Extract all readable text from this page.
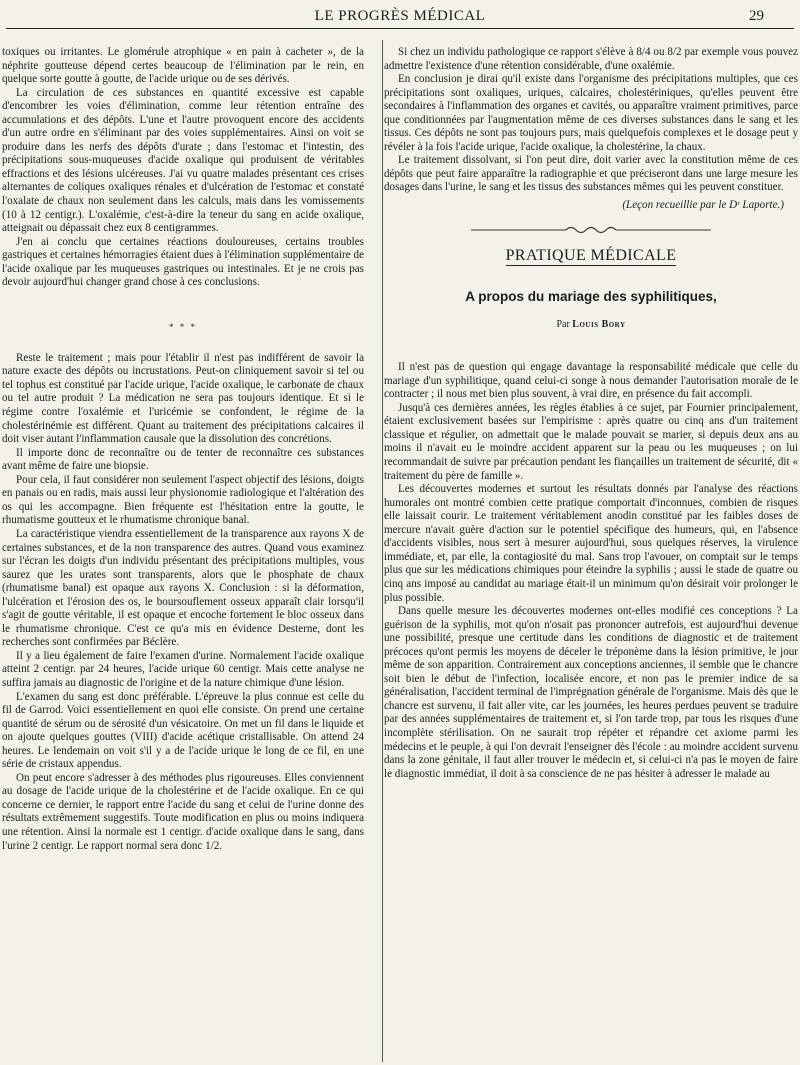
LE PROGRÈS MÉDICAL	29

toxiques ou irritantes. Le glomérule atrophique « en pain à cacheter », de la néphrite goutteuse dépend certes beaucoup de l'élimination par le rein, en quelque sorte goutte à goutte, de l'acide urique ou de ses dérivés.

La circulation de ces substances en quantité excessive est capable d'encombrer les voies d'élimination, comme leur rétention entraîne des accumulations et des dépôts. L'une et l'autre provoquent encore des accidents d'un autre ordre en s'éliminant par des voies supplémentaires. Ainsi on voit se produire dans les nerfs des dépôts d'urate ; dans l'estomac et l'intestin, des précipitations sous-muqueuses d'acide oxalique qui produisent de véritables effractions et des lésions ulcéreuses. J'ai vu quatre malades présentant ces crises alternantes de coliques oxaliques rénales et d'ulcération de l'estomac et constaté l'oxalate de chaux non seulement dans les calculs, mais dans les vomissements (10 à 12 centigr.). L'oxalémie, c'est-à-dire la teneur du sang en acide oxalique, atteignait ou dépassait chez eux 8 centigrammes.

J'en ai conclu que certaines réactions douloureuses, certains troubles gastriques et certaines hémorragies étaient dues à l'élimination supplémentaire de l'acide oxalique par les muqueuses gastriques ou intestinales. Et je ne crois pas devoir aujourd'hui changer grand chose à ces conclusions.

* * *

Reste le traitement ; mais pour l'établir il n'est pas indifférent de savoir la nature exacte des dépôts ou incrustations. Peut-on cliniquement savoir si tel ou tel tophus est constitué par l'acide urique, l'acide oxalique, le carbonate de chaux ou tel autre produit ? La médication ne sera pas toujours identique. Et si le régime contre l'oxalémie et l'uricémie se confondent, le régime de la cholestérinémie est différent. Quant au traitement des précipitations calcaires il doit viser autant l'inflammation causale que la dissolution des concrétions.

Il importe donc de reconnaître ou de tenter de reconnaître ces substances avant même de faire une biopsie.

Pour cela, il faut considérer non seulement l'aspect objectif des lésions, doigts en panais ou en radis, mais aussi leur physionomie radiologique et l'altération des os qui les accompagne. Bien fréquente est l'hésitation entre la goutte, le rhumatisme goutteux et le rhumatisme chronique banal.

La caractéristique viendra essentiellement de la transparence aux rayons X de certaines substances, et de la non transparence des autres. Quand vous examinez sur l'écran les doigts d'un individu présentant des précipitations multiples, vous saurez que les urates sont transparents, alors que le phosphate de chaux (rhumatisme banal) est opaque aux rayons X. Conclusion : si la déformation, l'ulcération et l'érosion des os, le boursouflement osseux apparaît clair lorsqu'il s'agit de goutte véritable, il est opaque et encoche fortement le bloc osseux dans le rhumatisme chronique. C'est ce qu'a mis en évidence Desterne, dont les recherches sont confirmées par Béclère.

Il y a lieu également de faire l'examen d'urine. Normalement l'acide oxalique atteint 2 centigr. par 24 heures, l'acide urique 60 centigr. Mais cette analyse ne suffira jamais au diagnostic de l'origine et de la nature chimique d'une lésion.

L'examen du sang est donc préférable. L'épreuve la plus connue est celle du fil de Garrod. Voici essentiellement en quoi elle consiste. On prend une certaine quantité de sérum ou de sérosité d'un vésicatoire. On met un fil dans le liquide et on ajoute quelques gouttes (VIII) d'acide acétique cristallisable. On attend 24 heures. Le lendemain on voit s'il y a de l'acide urique le long de ce fil, en une série de cristaux appendus.

On peut encore s'adresser à des méthodes plus rigoureuses. Elles conviennent au dosage de l'acide urique de la cholestérine et de l'acide oxalique. En ce qui concerne ce dernier, le rapport entre l'acide du sang et celui de l'urine donne des résultats extrêmement suggestifs. Toute modification en plus ou moins indiquera une rétention. Ainsi la normale est 1 centigr. d'acide oxalique dans le sang, dans l'urine 2 centigr. Le rapport normal sera donc 1/2.

Si chez un individu pathologique ce rapport s'élève à 8/4 ou 8/2 par exemple vous pouvez admettre l'existence d'une rétention considérable, d'une oxalémie.

En conclusion je dirai qu'il existe dans l'organisme des précipitations multiples, que ces précipitations sont oxaliques, uriques, calcaires, cholestériniques, qu'elles peuvent être secondaires à l'inflammation des organes et cavités, ou apparaître vraiment primitives, parce que conditionnées par l'augmentation même de ces diverses substances dans le sang et les tissus. Ces dépôts ne sont pas toujours purs, mais quelquefois complexes et le dosage peut y révéler à la fois l'acide urique, l'acide oxalique, la cholestérine, la chaux.

Le traitement dissolvant, si l'on peut dire, doit varier avec la constitution même de ces dépôts que peut faire apparaître la radiographie et que préciseront dans une large mesure les dosages dans l'urine, le sang et les tissus des substances mêmes qui les peuvent constituer.

(Leçon recueillie par le Dʳ Laporte.)

PRATIQUE MÉDICALE
A propos du mariage des syphilitiques,
Par Louis Bory

Il n'est pas de question qui engage davantage la responsabilité médicale que celle du mariage d'un syphilitique, quand celui-ci songe à nous demander l'autorisation morale de le contracter ; il nous met bien plus souvent, à vrai dire, en présence du fait accompli.

Jusqu'à ces dernières années, les règles établies à ce sujet, par Fournier principalement, étaient exclusivement basées sur l'empirisme : après quatre ou cinq ans d'un traitement classique et régulier, on admettait que le malade pouvait se marier, si depuis deux ans au moins il n'avait eu le moindre accident apparent sur la peau ou les muqueuses ; on lui recommandait de suivre par précaution pendant les fiançailles un traitement de sécurité, dit « traitement du père de famille ».

Les découvertes modernes et surtout les résultats donnés par l'analyse des réactions humorales ont montré combien cette pratique comportait d'inconnues, combien de risques elle laissait courir. Le traitement véritablement anodin constitué par les faibles doses de mercure n'avait guère d'action sur le potentiel spécifique des humeurs, qui, en l'absence d'accidents visibles, nous sert à mesurer aujourd'hui, sous quelques réserves, la virulence immédiate, et, par elle, la contagiosité du mal. Sans trop l'avouer, on comptait sur le temps plus que sur les médications chimiques pour éteindre la syphilis ; aussi le stade de quatre ou cinq ans imposé au candidat au mariage était-il un minimum qu'on désirait voir prolonger le plus possible.

Dans quelle mesure les découvertes modernes ont-elles modifié ces conceptions ? La guérison de la syphilis, mot qu'on n'osait pas prononcer autrefois, est aujourd'hui devenue une possibilité, presque une certitude dans les conditions de diagnostic et de traitement précoces qu'ont permis les moyens de déceler le tréponème dans la lésion primitive, le jour même de son apparition. Contrairement aux conceptions anciennes, il semble que le chancre soit bien le début de l'infection, localisée encore, et non pas le premier indice de sa généralisation, l'accident terminal de l'imprégnation générale de l'organisme. Mais dès que le chancre est survenu, il fait aller vite, car les journées, les heures perdues peuvent se traduire par des années supplémentaires de traitement et, si l'on tarde trop, par tous les risques d'une incomplète stérilisation. On ne saurait trop répéter et répandre cet axiome parmi les médecins et le peuple, à qui l'on devrait l'enseigner dès l'école : au moindre accident survenu dans la zone génitale, il faut aller trouver le médecin et, si celui-ci n'a pas le moyen de faire le diagnostic immédiat, il doit à sa conscience de ne pas hésiter à adresser le malade au
